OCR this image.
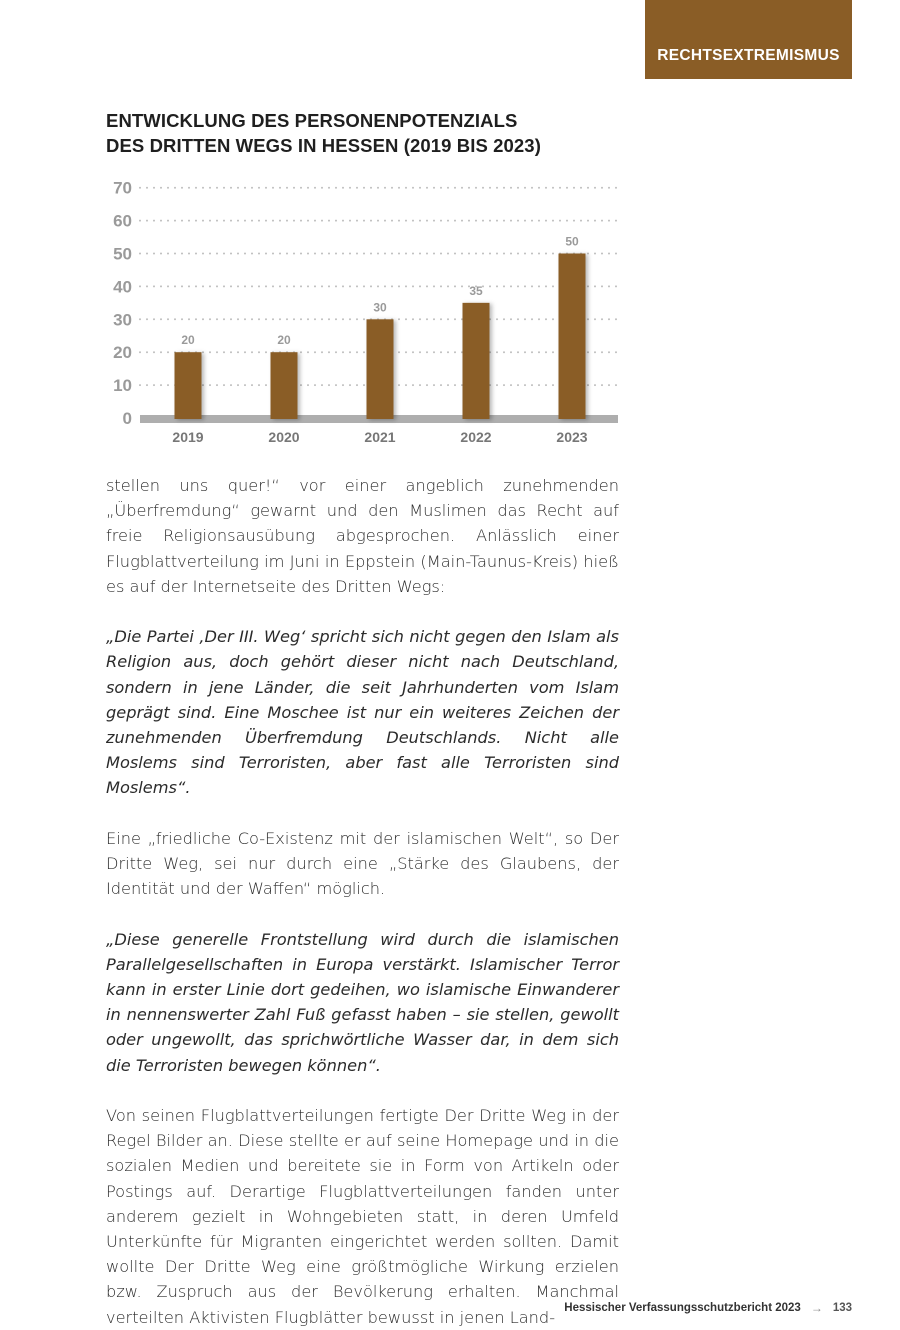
RECHTSEXTREMISMUS
ENTWICKLUNG DES PERSONENPOTENZIALS
DES DRITTEN WEGS IN HESSEN (2019 BIS 2023)
0
10
20
30
40
50
60
70
20
2019
20
2020
30
2021
35
2022
50
2023

stellen uns quer!“ vor einer angeblich zunehmenden „Überfremdung“ gewarnt und den Muslimen das Recht auf freie Religionsausübung abgesprochen. Anlässlich einer Flugblattverteilung im Juni in Eppstein (Main-Taunus-Kreis) hieß es auf der Internetseite des Dritten Wegs:

„Die Partei ‚Der III. Weg‘ spricht sich nicht gegen den Islam als Religion aus, doch gehört dieser nicht nach Deutschland, sondern in jene Länder, die seit Jahrhunderten vom Islam geprägt sind. Eine Moschee ist nur ein weiteres Zeichen der zunehmenden Überfremdung Deutschlands. Nicht alle Moslems sind Terroristen, aber fast alle Terroristen sind Moslems“.

Eine „friedliche Co-Existenz mit der islamischen Welt“, so Der Dritte Weg, sei nur durch eine „Stärke des Glaubens, der Identität und der Waffen“ möglich.

„Diese generelle Frontstellung wird durch die islamischen Parallelgesellschaften in Europa verstärkt. Islamischer Terror kann in erster Linie dort gedeihen, wo islamische Einwanderer in nennenswerter Zahl Fuß gefasst haben – sie stellen, gewollt oder ungewollt, das sprichwörtliche Wasser dar, in dem sich die Terroristen bewegen können“.

Von seinen Flugblattverteilungen fertigte Der Dritte Weg in der Regel Bilder an. Diese stellte er auf seine Homepage und in die sozialen Medien und bereitete sie in Form von Artikeln oder Postings auf. Derartige Flugblattverteilungen fanden unter anderem gezielt in Wohngebieten statt, in deren Umfeld Unterkünfte für Migranten eingerichtet werden sollten. Damit wollte Der Dritte Weg eine größtmögliche Wirkung erzielen bzw. Zuspruch aus der Bevölkerung erhalten. Manchmal verteilten Aktivisten Flugblätter bewusst in jenen Land- Hessischer Verfassungsschutzbericht 2023 → 133
